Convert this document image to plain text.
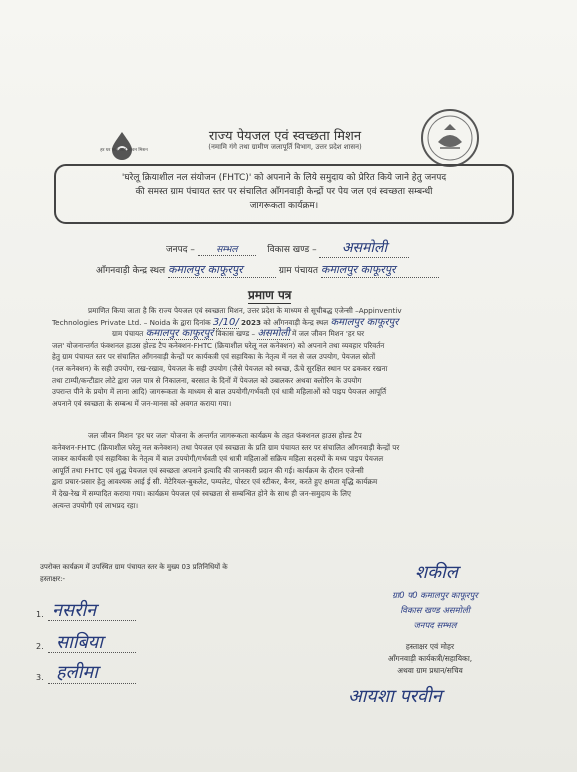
हर घर जल जल जीवन मिशन
राज्य पेयजल एवं स्वच्छता मिशन
(नमामि गंगे तथा ग्रामीण जलापूर्ति विभाग, उत्तर प्रदेश शासन)
'घरेलू क्रियाशील नल संयोजन (FHTC)' को अपनाने के लिये समुदाय को प्रेरित किये जाने हेतु जनपद
की समस्त ग्राम पंचायत स्तर पर संचालित आँगनवाड़ी केन्द्रों पर पेय जल एवं स्वच्छता सम्बन्धी
जागरूकता कार्यक्रम।
जनपद – सम्भल	विकास खण्ड – असमोली
आँगनवाड़ी केन्द्र स्थल कमालपुर काफूरपुर	ग्राम पंचायत कमालपुर काफूरपुर
प्रमाण पत्र
प्रमाणित किया जाता है कि राज्य पेयजल एवं स्वच्छता मिशन, उत्तर प्रदेश के माध्यम से सूचीबद्ध एजेन्सी –Appinventiv
Technologies Private Ltd. – Noida के द्वारा दिनांक 3/10/ 2023 को आँगनवाड़ी केन्द्र स्थल कमालपुर काफूरपुर
ग्राम पंचायत कमालपुर काफूरपुर विकास खण्ड – असमोली में जल जीवन मिशन 'हर घर
जल' योजनान्तर्गत फंक्शनल हाउस होल्ड टैप कनेक्शन-FHTC (क्रियाशील घरेलू नल कनेक्शन) को अपनाने तथा व्यवहार परिवर्तन
हेतु ग्राम पंचायत स्तर पर संचालित आँगनवाड़ी केन्द्रों पर कार्यकत्री एवं सहायिका के नेतृत्व में नल से जल उपयोग, पेयजल स्रोतों
(नल कनेक्शन) के सही उपयोग, रख-रखाव, पेयजल के सही उपयोग (जैसे पेयजल को स्वच्छ, ऊँचे सुरक्षित स्थान पर ढककर रखना
तथा टाम्पी/कन्टीडार लोटे द्वारा जल पात्र से निकालना, बरसात के दिनों में पेयजल को उबालकर अथवा क्लोरिन के उपयोग
उपरान्त पीने के प्रयोग में लाना आदि) जागरूकता के माध्यम से बाल उपयोगी/गर्भवती एवं धात्री महिलाओं को पाइप पेयजल आपूर्ति
अपनाने एवं स्वच्छता के सम्बन्ध में जन-मानस को अवगत कराया गया।
जल जीवन मिशन 'हर घर जल' योजना के अन्तर्गत जागरूकता कार्यक्रम के तहत फंक्शनल हाउस होल्ड टैप
कनेक्शन-FHTC (क्रियाशील घरेलू नल कनेक्शन) तथा पेयजल एवं स्वच्छता के प्रति ग्राम पंचायत स्तर पर संचालित आँगनवाड़ी केन्द्रों पर
जाकर कार्यकत्री एवं सहायिका के नेतृत्व में बाल उपयोगी/गर्भवती एवं धात्री महिलाओं सक्रिय महिला सदस्यों के मध्य पाइप पेयजल
आपूर्ति तथा FHTC एवं शुद्ध पेयजल एवं स्वच्छता अपनाने इत्यादि की जानकारी प्रदान की गई। कार्यक्रम के दौरान एजेन्सी
द्वारा प्रचार-प्रसार हेतु आवश्यक आई ई सी. मेटेरियल-बुकलेट, पम्पलेट, पोस्टर एवं स्टीकर, बैनर, करते हुए क्षमता वृद्धि कार्यक्रम
में देख-रेख में सम्पादित कराया गया। कार्यक्रम पेयजल एवं स्वच्छता से सम्बन्धित होने के साथ ही जन-समुदाय के लिए
अत्यन्त उपयोगी एवं लाभप्रद रहा।
उपरोक्त कार्यक्रम में उपस्थित ग्राम पंचायत स्तर के मुख्य 03 प्रतिनिधियों के
हस्ताक्षर:-
1. नसरीन
2. साबिया
3. हलीमा
शकील
ग्रा0 प0 कमालपुर काफूरपुर
विकास खण्ड असमोली
जनपद सम्भल
हस्ताक्षर एवं मोहर
आँगनवाड़ी कार्यकत्री/सहायिका,
अथवा ग्राम प्रधान/सचिव
आयशा परवीन
